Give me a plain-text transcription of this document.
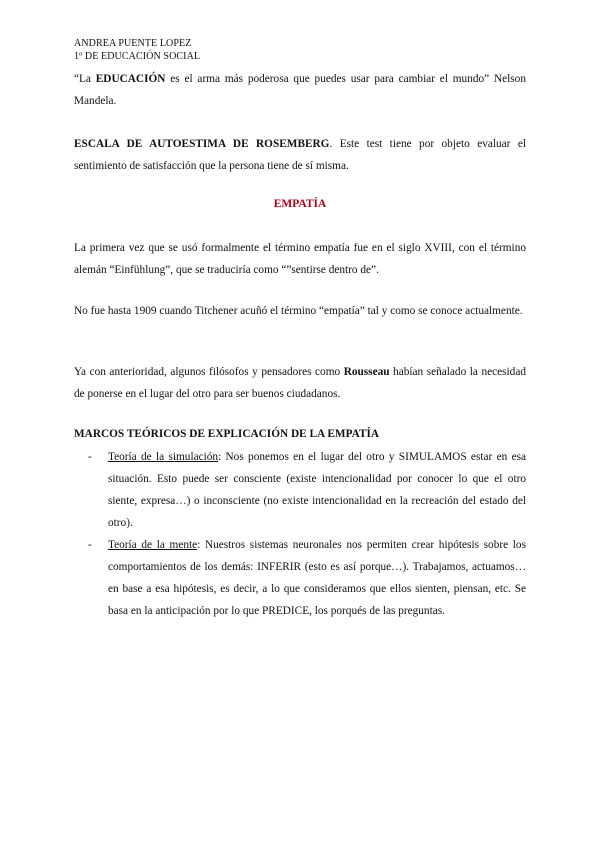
ANDREA PUENTE LOPEZ
1º DE EDUCACIÓN SOCIAL
“La EDUCACIÓN es el arma más poderosa que puedes usar para cambiar el mundo” Nelson Mandela.
ESCALA DE AUTOESTIMA DE ROSEMBERG. Este test tiene por objeto evaluar el sentimiento de satisfacción que la persona tiene de sí misma.
EMPATÍA
La primera vez que se usó formalmente el término empatía fue en el siglo XVIII, con el término alemán “Einfühlung”, que se traduciría como “”sentirse dentro de”.
No fue hasta 1909 cuando Titchener acuñó el término “empatía” tal y como se conoce actualmente.
Ya con anterioridad, algunos filósofos y pensadores como Rousseau habían señalado la necesidad de ponerse en el lugar del otro para ser buenos ciudadanos.
MARCOS TEÓRICOS DE EXPLICACIÓN DE LA EMPATÍA
- Teoría de la simulación: Nos ponemos en el lugar del otro y SIMULAMOS estar en esa situación. Esto puede ser consciente (existe intencionalidad por conocer lo que el otro siente, expresa…) o inconsciente (no existe intencionalidad en la recreación del estado del otro).
- Teoría de la mente: Nuestros sistemas neuronales nos permiten crear hipótesis sobre los comportamientos de los demás: INFERIR (esto es así porque…). Trabajamos, actuamos… en base a esa hipótesis, es decir, a lo que consideramos que ellos sienten, piensan, etc. Se basa en la anticipación por lo que PREDICE, los porqués de las preguntas.
